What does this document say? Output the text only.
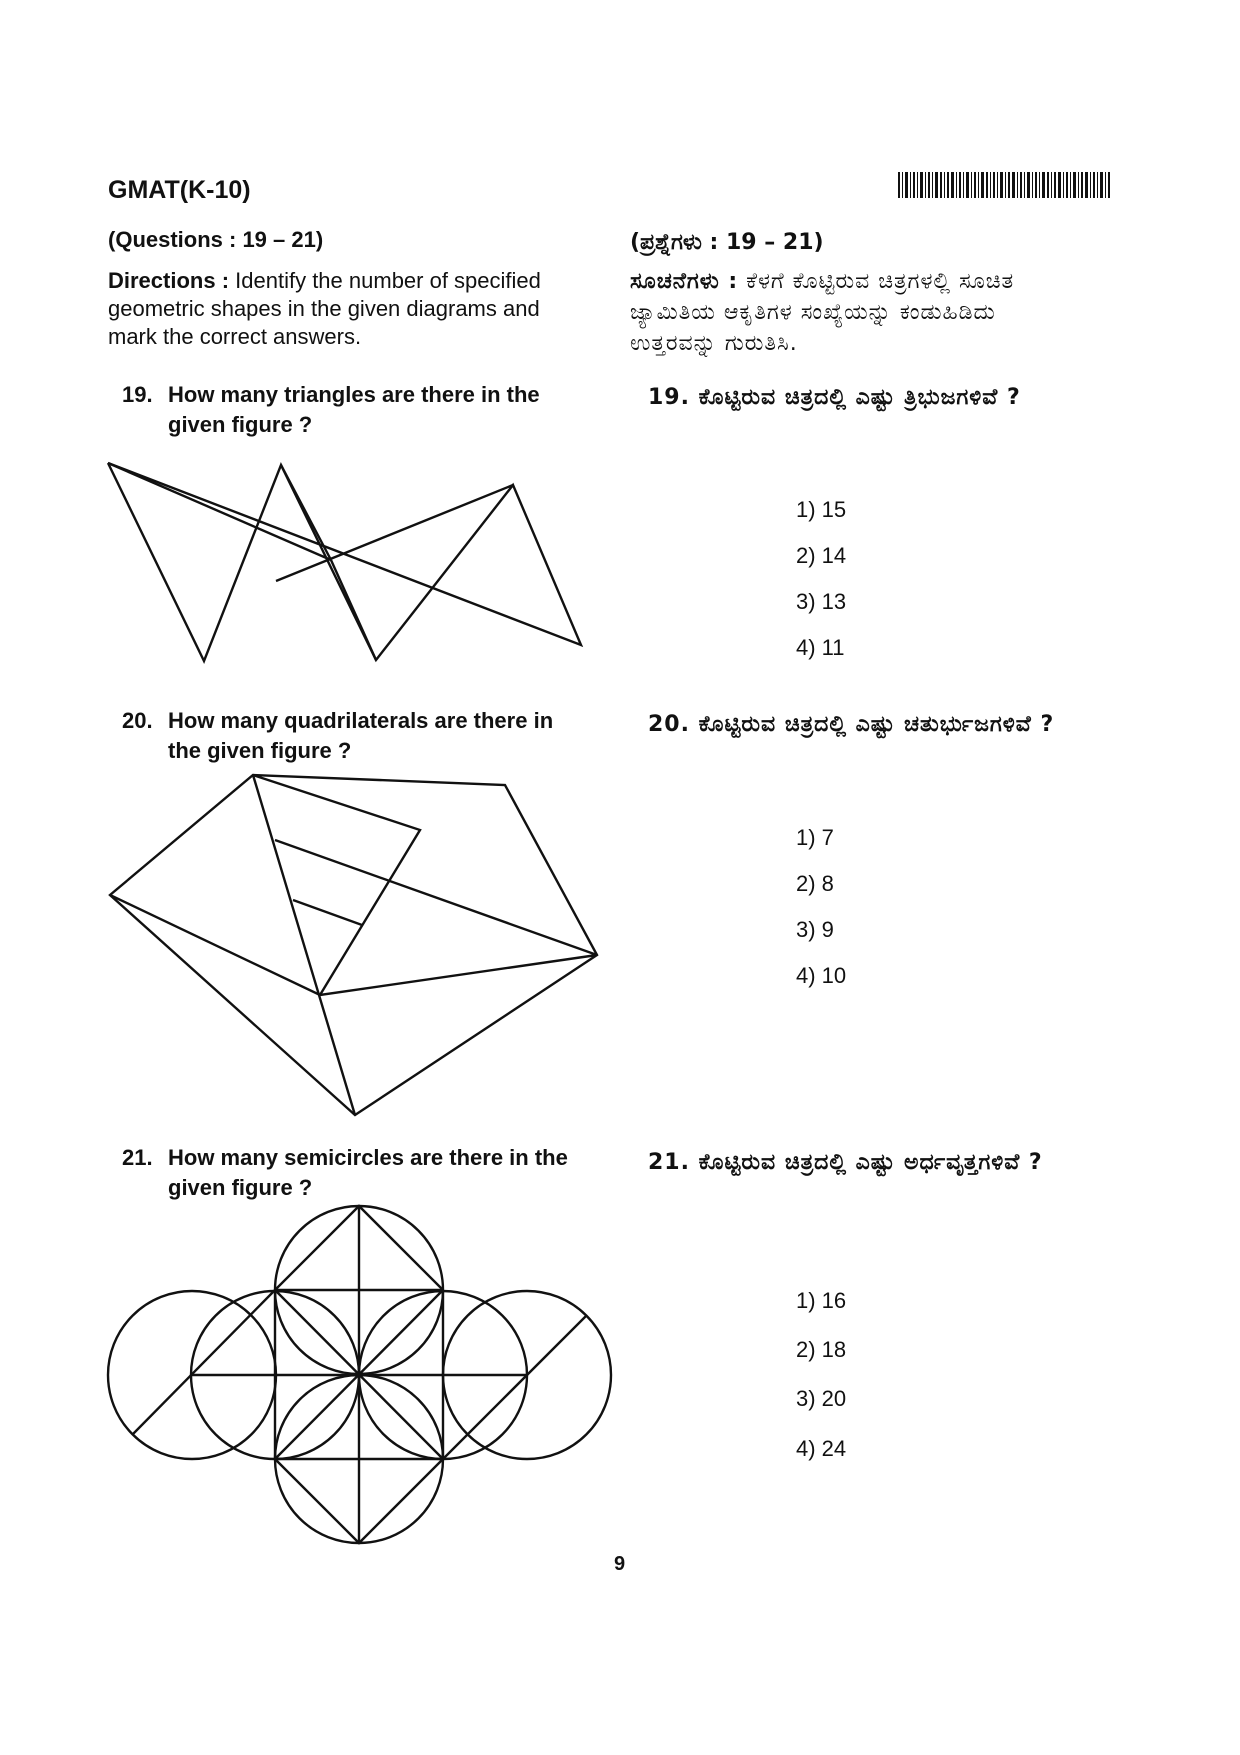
GMAT(K-10)
(Questions : 19 – 21)
Directions : Identify the number of specified
geometric shapes in the given diagrams and
mark the correct answers.
(ಪ್ರಶ್ನೆಗಳು : 19 – 21)
ಸೂಚನೆಗಳು : ಕೆಳಗೆ ಕೊಟ್ಟಿರುವ ಚಿತ್ರಗಳಲ್ಲಿ ಸೂಚಿತ
ಜ್ಯಾಮಿತಿಯ ಆಕೃತಿಗಳ ಸಂಖ್ಯೆಯನ್ನು ಕಂಡುಹಿಡಿದು
ಉತ್ತರವನ್ನು ಗುರುತಿಸಿ.
19. How many triangles are there in the
given figure ?
19. ಕೊಟ್ಟಿರುವ ಚಿತ್ರದಲ್ಲಿ ಎಷ್ಟು ತ್ರಿಭುಜಗಳಿವೆ ?
1) 15
2) 14
3) 13
4) 11
20. How many quadrilaterals are there in
the given figure ?
20. ಕೊಟ್ಟಿರುವ ಚಿತ್ರದಲ್ಲಿ ಎಷ್ಟು ಚತುರ್ಭುಜಗಳಿವೆ ?
1) 7
2) 8
3) 9
4) 10
21. How many semicircles are there in the
given figure ?
21. ಕೊಟ್ಟಿರುವ ಚಿತ್ರದಲ್ಲಿ ಎಷ್ಟು ಅರ್ಧವೃತ್ತಗಳಿವೆ ?
1) 16
2) 18
3) 20
4) 24
9
